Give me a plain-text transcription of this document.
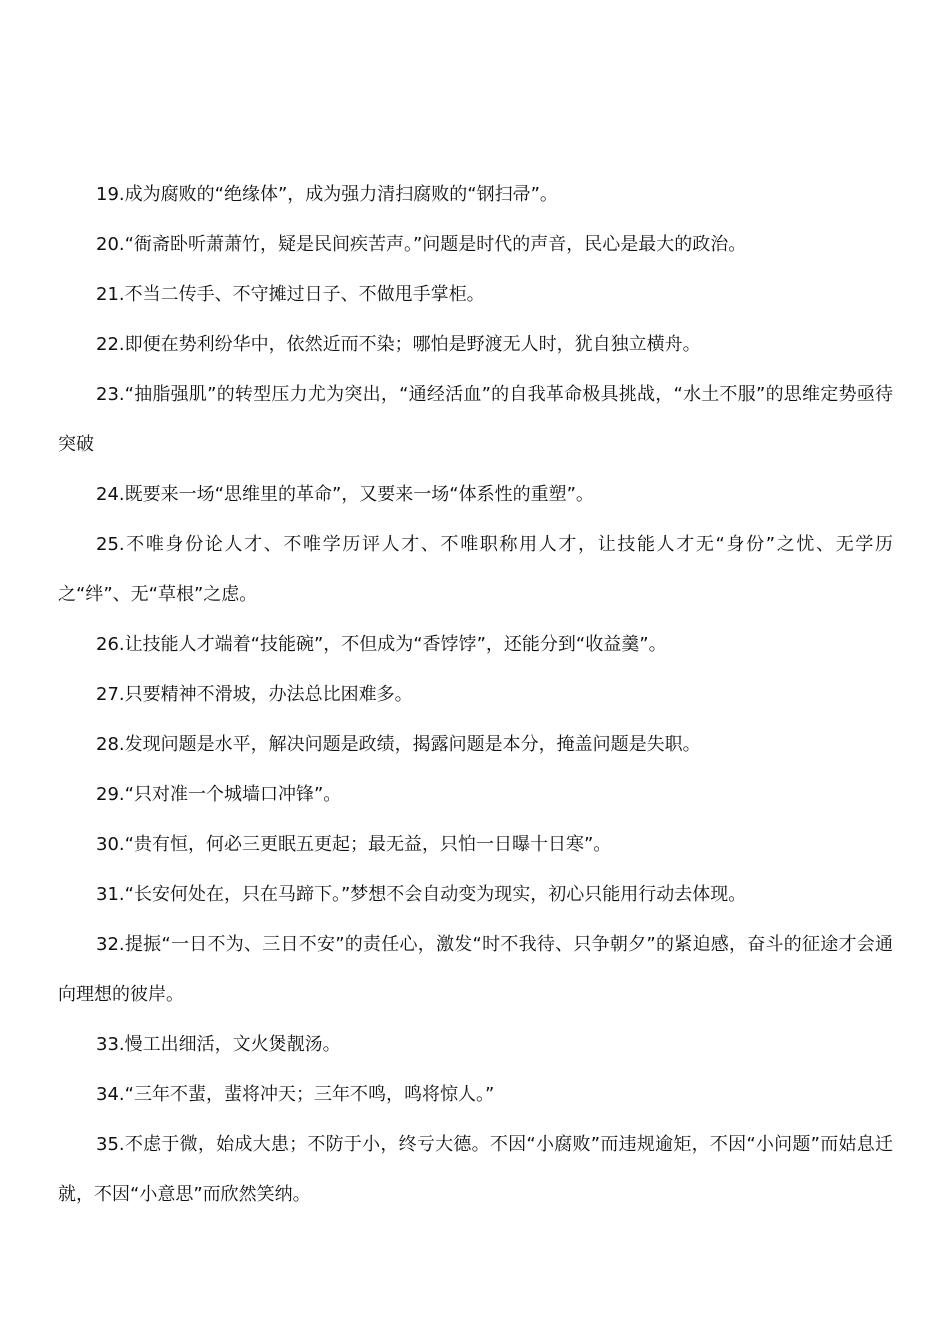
19.成为腐败的“绝缘体”，成为强力清扫腐败的“钢扫帚”。

20.“衙斋卧听萧萧竹，疑是民间疾苦声。”问题是时代的声音，民心是最大的政治。

21.不当二传手、不守摊过日子、不做甩手掌柜。

22.即便在势利纷华中，依然近而不染；哪怕是野渡无人时，犹自独立横舟。

23.“抽脂强肌”的转型压力尤为突出，“通经活血”的自我革命极具挑战，“水土不服”的思维定势亟待突破

24.既要来一场“思维里的革命”，又要来一场“体系性的重塑”。

25.不唯身份论人才、不唯学历评人才、不唯职称用人才，让技能人才无“身份”之忧、无学历之“绊”、无“草根”之虑。

26.让技能人才端着“技能碗”，不但成为“香饽饽”，还能分到“收益羹”。

27.只要精神不滑坡，办法总比困难多。

28.发现问题是水平，解决问题是政绩，揭露问题是本分，掩盖问题是失职。

29.“只对准一个城墙口冲锋”。

30.“贵有恒，何必三更眠五更起；最无益，只怕一日曝十日寒”。

31.“长安何处在，只在马蹄下。”梦想不会自动变为现实，初心只能用行动去体现。

32.提振“一日不为、三日不安”的责任心，激发“时不我待、只争朝夕”的紧迫感，奋斗的征途才会通向理想的彼岸。

33.慢工出细活，文火煲靓汤。

34.“三年不蜚，蜚将冲天；三年不鸣，鸣将惊人。”

35.不虑于微，始成大患；不防于小，终亏大德。不因“小腐败”而违规逾矩，不因“小问题”而姑息迁就，不因“小意思”而欣然笑纳。
